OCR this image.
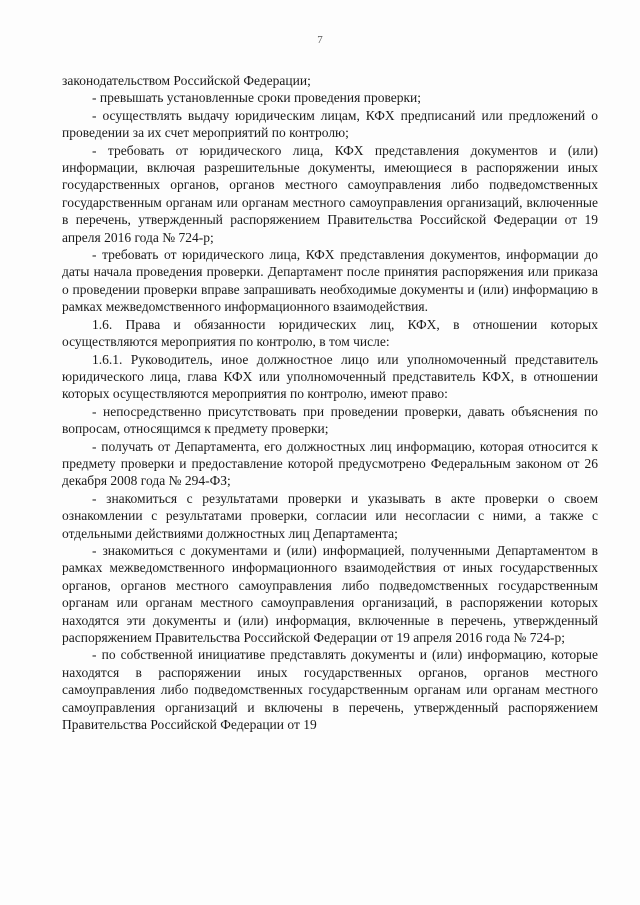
7

законодательством Российской Федерации;

- превышать установленные сроки проведения проверки;

- осуществлять выдачу юридическим лицам, КФХ предписаний или предложений о проведении за их счет мероприятий по контролю;

- требовать от юридического лица, КФХ представления документов и (или) информации, включая разрешительные документы, имеющиеся в распоряжении иных государственных органов, органов местного самоуправления либо подведомственных государственным органам или органам местного самоуправления организаций, включенные в перечень, утвержденный распоряжением Правительства Российской Федерации от 19 апреля 2016 года № 724-р;

- требовать от юридического лица, КФХ представления документов, информации до даты начала проведения проверки. Департамент после принятия распоряжения или приказа о проведении проверки вправе запрашивать необходимые документы и (или) информацию в рамках межведомственного информационного взаимодействия.

1.6. Права и обязанности юридических лиц, КФХ, в отношении которых осуществляются мероприятия по контролю, в том числе:

1.6.1. Руководитель, иное должностное лицо или уполномоченный представитель юридического лица, глава КФХ или уполномоченный представитель КФХ, в отношении которых осуществляются мероприятия по контролю, имеют право:

- непосредственно присутствовать при проведении проверки, давать объяснения по вопросам, относящимся к предмету проверки;

- получать от Департамента, его должностных лиц информацию, которая относится к предмету проверки и предоставление которой предусмотрено Федеральным законом от 26 декабря 2008 года № 294-ФЗ;

- знакомиться с результатами проверки и указывать в акте проверки о своем ознакомлении с результатами проверки, согласии или несогласии с ними, а также с отдельными действиями должностных лиц Департамента;

- знакомиться с документами и (или) информацией, полученными Департаментом в рамках межведомственного информационного взаимодействия от иных государственных органов, органов местного самоуправления либо подведомственных государственным органам или органам местного самоуправления организаций, в распоряжении которых находятся эти документы и (или) информация, включенные в перечень, утвержденный распоряжением Правительства Российской Федерации от 19 апреля 2016 года № 724-р;

- по собственной инициативе представлять документы и (или) информацию, которые находятся в распоряжении иных государственных органов, органов местного самоуправления либо подведомственных государственным органам или органам местного самоуправления организаций и включены в перечень, утвержденный распоряжением Правительства Российской Федерации от 19
